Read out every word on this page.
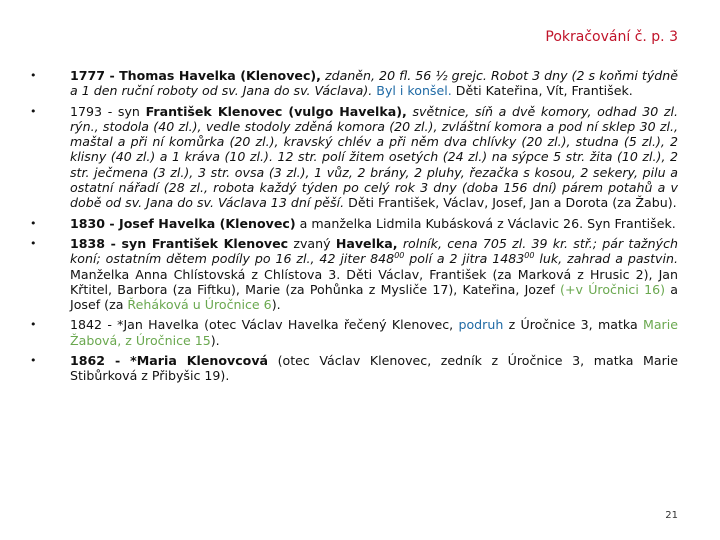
Pokračování č. p. 3
•	1777 - Thomas Havelka (Klenovec), zdaněn, 20 fl. 56 ½ grejc. Robot 3 dny (2 s koňmi týdně a 1 den ruční roboty od sv. Jana do sv. Václava). Byl i konšel. Děti Kateřina, Vít, František.
•	1793 - syn František Klenovec (vulgo Havelka), světnice, síň a dvě komory, odhad 30 zl. rýn., stodola (40 zl.), vedle stodoly zděná komora (20 zl.), zvláštní komora a pod ní sklep 30 zl., maštal a při ní komůrka (20 zl.), kravský chlév a při něm dva chlívky (20 zl.), studna (5 zl.), 2 klisny (40 zl.) a 1 kráva (10 zl.). 12 str. polí žitem osetých (24 zl.) na sýpce 5 str. žita (10 zl.), 2 str. ječmena (3 zl.), 3 str. ovsa (3 zl.), 1 vůz, 2 brány, 2 pluhy, řezačka s kosou, 2 sekery, pilu a ostatní nářadí (28 zl., robota každý týden po celý rok 3 dny (doba 156 dní) párem potahů a v době od sv. Jana do sv. Václava 13 dní pěší. Děti František, Václav, Josef, Jan a Dorota (za Žabu).
•	1830 - Josef Havelka (Klenovec) a manželka Lidmila Kubásková z Václavic 26. Syn František.
•	1838 - syn František Klenovec zvaný Havelka, rolník, cena 705 zl. 39 kr. stř.; pár tažných koní; ostatním dětem podíly po 16 zl., 42 jiter $848^{00}$ polí a 2 jitra 1483$^{00}$ luk, zahrad a pastvin. Manželka Anna Chlístovská z Chlístova 3. Děti Václav, František (za Marková z Hrusic 2), Jan Křtitel, Barbora (za Fiftku), Marie (za Pohůnka z Mysliče 17), Kateřina, Jozef (+v Úročnici 16) a Josef (za Řeháková u Úročnice 6).
•	1842 - *Jan Havelka (otec Václav Havelka řečený Klenovec, podruh z Úročnice 3, matka Marie Žabová, z Úročnice 15).
•	1862 - *Maria Klenovcová (otec Václav Klenovec, zedník z Úročnice 3, matka Marie Stibůrková z Přibyšic 19).
21
